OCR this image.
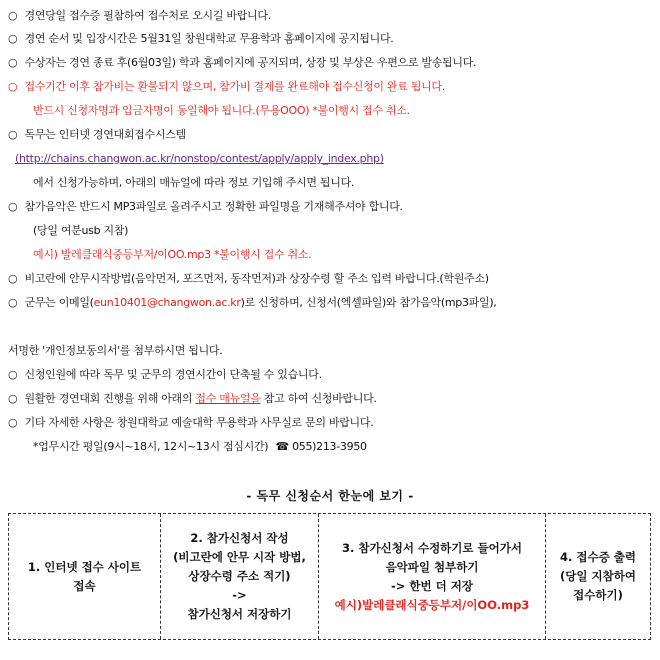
○ 경연당일 접수증 필참하여 접수처로 오시길 바랍니다.
○ 경연 순서 및 입장시간은 5월31일 창원대학교 무용학과 홈페이지에 공지됩니다.
○ 수상자는 경연 종료 후(6월03일) 학과 홈페이지에 공지되며, 상장 및 부상은 우편으로 발송됩니다.
○ 접수기간 이후 참가비는 환불되지 않으며, 참가비 결제를 완료해야 접수신청이 완료 됩니다.
반드시 신청자명과 입금자명이 동일해야 됩니다.(무용OOO) *불이행시 접수 취소.
○ 독무는 인터넷 경연대회접수시스템
(http://chains.changwon.ac.kr/nonstop/contest/apply/apply_index.php)
에서 신청가능하며, 아래의 매뉴얼에 따라 정보 기입해 주시면 됩니다.
○ 참가음악은 반드시 MP3파일로 올려주시고 정확한 파일명을 기재해주셔야 합니다.
(당일 여분usb 지참)
예시) 발레클래식중등부저/이OO.mp3 *불이행시 접수 취소.
○ 비고란에 안무시작방법(음악먼저, 포즈먼저, 동작먼저)과 상장수령 할 주소 입력 바랍니다.(학원주소)
○ 군무는 이메일(eun10401@changwon.ac.kr)로 신청하며, 신청서(엑셀파일)와 참가음악(mp3파일),
서명한 '개인정보동의서'를 첨부하시면 됩니다.
○ 신청인원에 따라 독무 및 군무의 경연시간이 단축될 수 있습니다.
○ 원활한 경연대회 진행을 위해 아래의 접수 매뉴얼을 참고 하여 신청바랍니다.
○ 기타 자세한 사항은 창원대학교 예술대학 무용학과 사무실로 문의 바랍니다.
*업무시간 평일(9시~18시, 12시~13시 점심시간) ☎ 055)213-3950
- 독무 신청순서 한눈에 보기 -
1. 인터넷 접수 사이트
접속
2. 참가신청서 작성
(비고란에 안무 시작 방법,
상장수령 주소 적기)
->
참가신청서 저장하기
3. 참가신청서 수정하기로 들어가서
음악파일 첨부하기
-> 한번 더 저장
예시)발레클래식중등부저/이OO.mp3
4. 접수증 출력
(당일 지참하여
접수하기)
